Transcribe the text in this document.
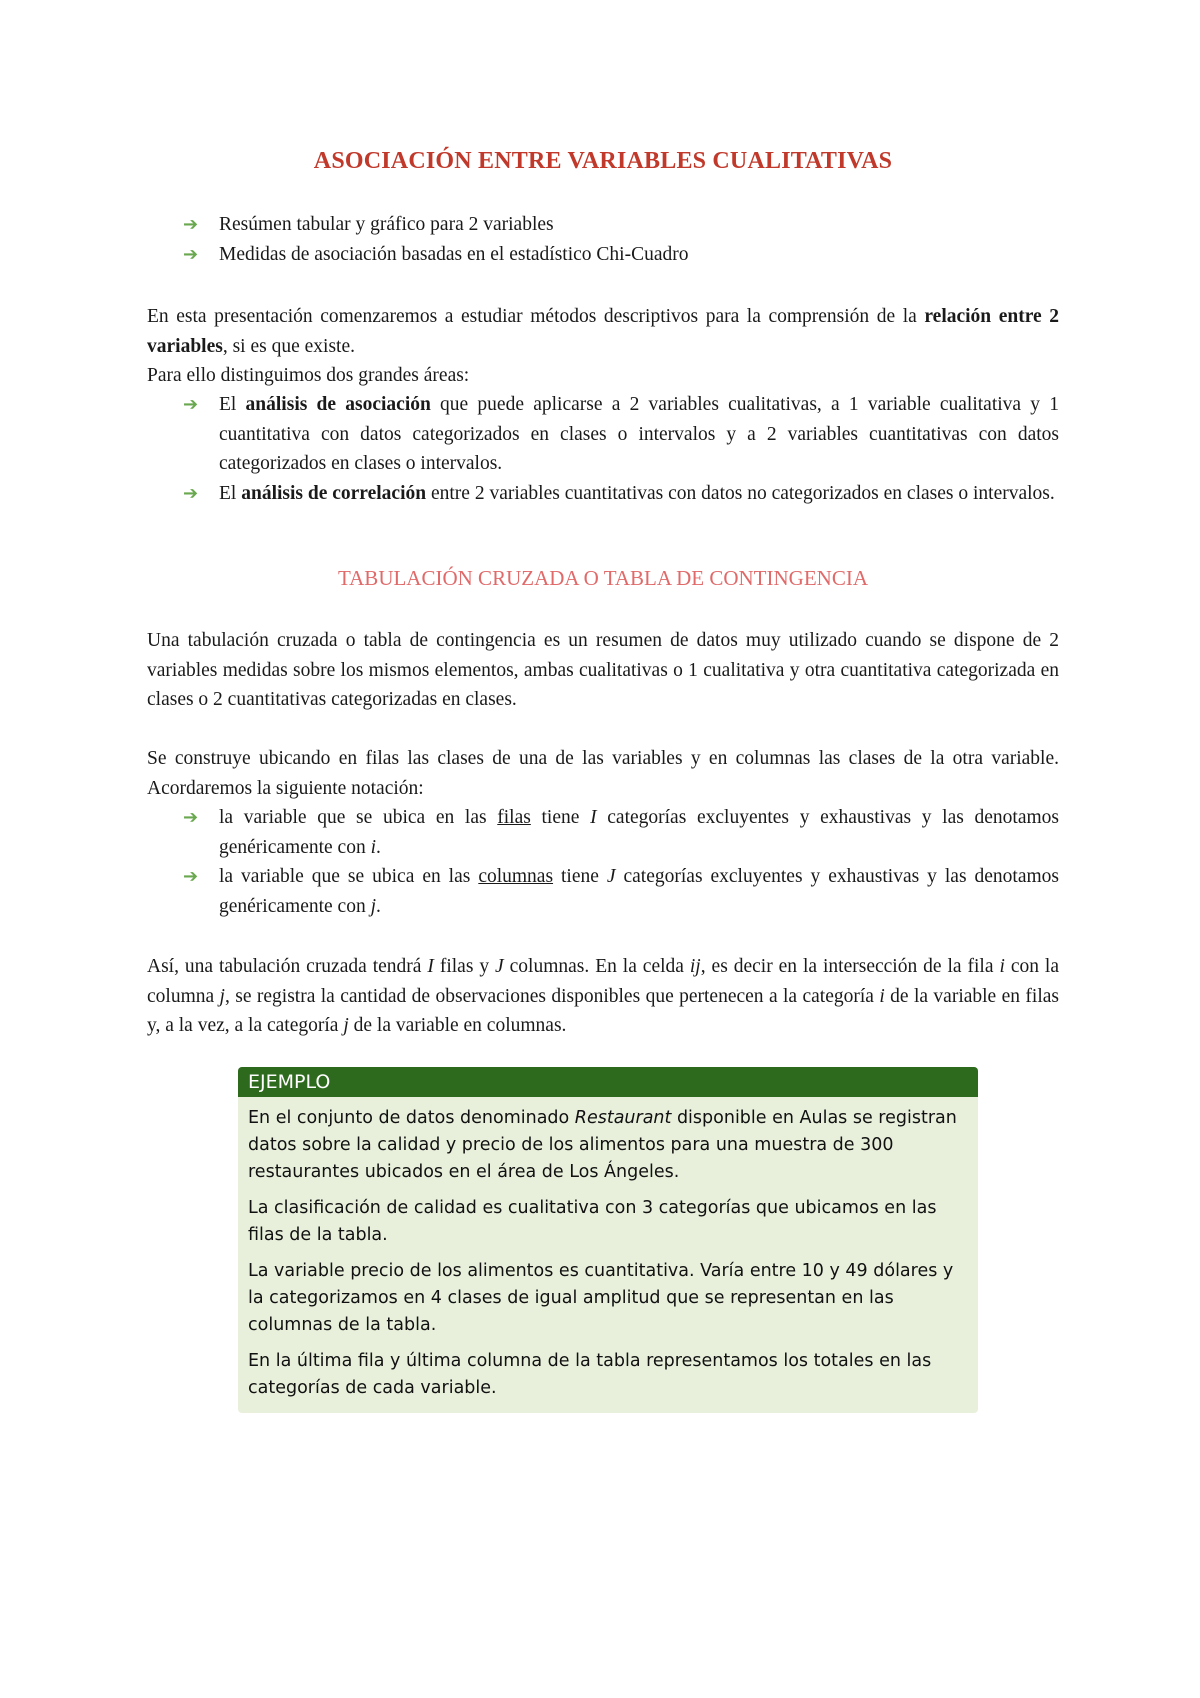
ASOCIACIÓN ENTRE VARIABLES CUALITATIVAS
➔ Resúmen tabular y gráfico para 2 variables
➔ Medidas de asociación basadas en el estadístico Chi-Cuadro
En esta presentación comenzaremos a estudiar métodos descriptivos para la comprensión de la relación entre 2 variables, si es que existe.
Para ello distinguimos dos grandes áreas:
➔ El análisis de asociación que puede aplicarse a 2 variables cualitativas, a 1 variable cualitativa y 1 cuantitativa con datos categorizados en clases o intervalos y a 2 variables cuantitativas con datos categorizados en clases o intervalos.
➔ El análisis de correlación entre 2 variables cuantitativas con datos no categorizados en clases o intervalos.
TABULACIÓN CRUZADA O TABLA DE CONTINGENCIA
Una tabulación cruzada o tabla de contingencia es un resumen de datos muy utilizado cuando se dispone de 2 variables medidas sobre los mismos elementos, ambas cualitativas o 1 cualitativa y otra cuantitativa categorizada en clases o 2 cuantitativas categorizadas en clases.
Se construye ubicando en filas las clases de una de las variables y en columnas las clases de la otra variable. Acordaremos la siguiente notación:
➔ la variable que se ubica en las filas tiene I categorías excluyentes y exhaustivas y las denotamos genéricamente con i.
➔ la variable que se ubica en las columnas tiene J categorías excluyentes y exhaustivas y las denotamos genéricamente con j.
Así, una tabulación cruzada tendrá I filas y J columnas. En la celda ij, es decir en la intersección de la fila i con la columna j, se registra la cantidad de observaciones disponibles que pertenecen a la categoría i de la variable en filas y, a la vez, a la categoría j de la variable en columnas.
EJEMPLO

En el conjunto de datos denominado Restaurant disponible en Aulas se registran datos sobre la calidad y precio de los alimentos para una muestra de 300 restaurantes ubicados en el área de Los Ángeles.

La clasificación de calidad es cualitativa con 3 categorías que ubicamos en las filas de la tabla.

La variable precio de los alimentos es cuantitativa. Varía entre 10 y 49 dólares y la categorizamos en 4 clases de igual amplitud que se representan en las columnas de la tabla.

En la última fila y última columna de la tabla representamos los totales en las categorías de cada variable.
